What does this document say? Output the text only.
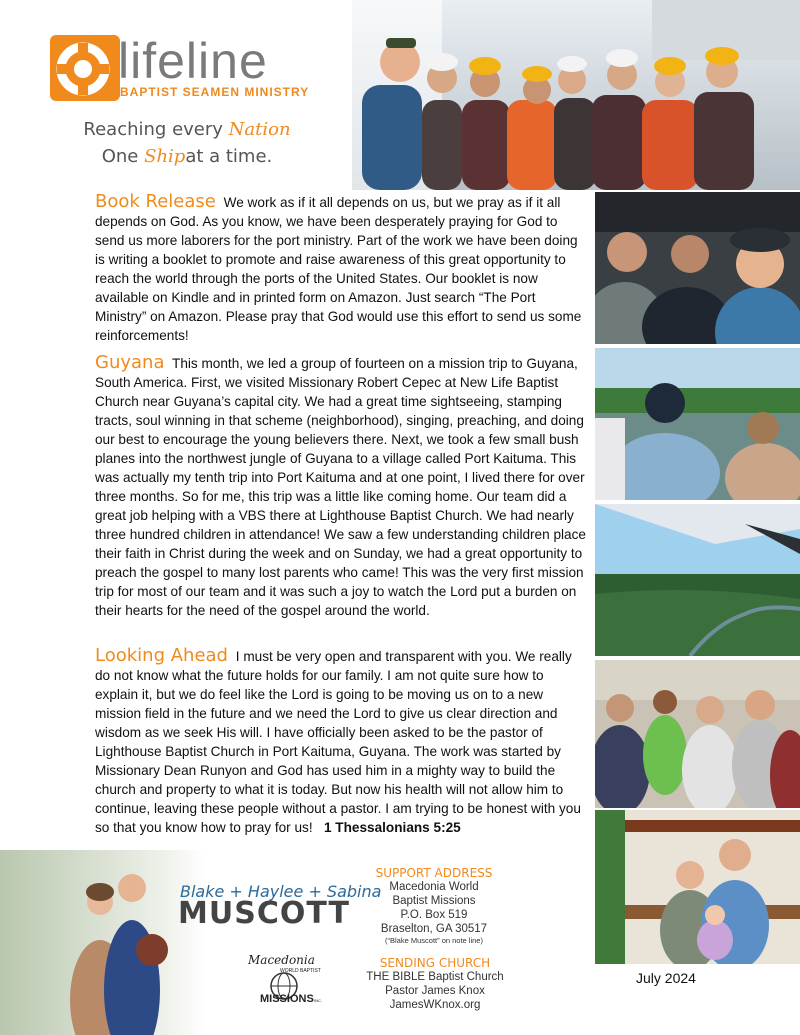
lifeline
BAPTIST SEAMEN MINISTRY
Reaching every Nation
One Shipat a time.
Book Release We work as if it all depends on us, but we pray as if it all depends on God. As you know, we have been desperately praying for God to send us more laborers for the port ministry. Part of the work we have been doing is writing a booklet to promote and raise awareness of this great opportunity to reach the world through the ports of the United States. Our booklet is now available on Kindle and in printed form on Amazon. Just search “The Port Ministry” on Amazon. Please pray that God would use this effort to send us some reinforcements!
Guyana This month, we led a group of fourteen on a mission trip to Guyana, South America. First, we visited Missionary Robert Cepec at New Life Baptist Church near Guyana’s capital city. We had a great time sightseeing, stamping tracts, soul winning in that scheme (neighborhood), singing, preaching, and doing our best to encourage the young believers there. Next, we took a few small bush planes into the northwest jungle of Guyana to a village called Port Kaituma. This was actually my tenth trip into Port Kaituma and at one point, I lived there for over three months. So for me, this trip was a little like coming home. Our team did a great job helping with a VBS there at Lighthouse Baptist Church. We had nearly three hundred children in attendance! We saw a few understanding children place their faith in Christ during the week and on Sunday, we had a great opportunity to preach the gospel to many lost parents who came! This was the very first mission trip for most of our team and it was such a joy to watch the Lord put a burden on their hearts for the need of the gospel around the world.
Looking Ahead I must be very open and transparent with you. We really do not know what the future holds for our family. I am not quite sure how to explain it, but we do feel like the Lord is going to be moving us on to a new mission field in the future and we need the Lord to give us clear direction and wisdom as we seek His will. I have officially been asked to be the pastor of Lighthouse Baptist Church in Port Kaituma, Guyana. The work was started by Missionary Dean Runyon and God has used him in a mighty way to build the church and property to what it is today. But now his health will not allow him to continue, leaving these people without a pastor. I am trying to be honest with you so that you know how to pray for us! 1 Thessalonians 5:25
Blake + Haylee + Sabina
MUSCOTT
Macedonia
WORLD BAPTIST
MISSIONS INC.
SUPPORT ADDRESS
Macedonia World
Baptist Missions
P.O. Box 519
Braselton, GA 30517
(“Blake Muscott” on note line)
SENDING CHURCH
THE BIBLE Baptist Church
Pastor James Knox
JamesWKnox.org
July 2024
